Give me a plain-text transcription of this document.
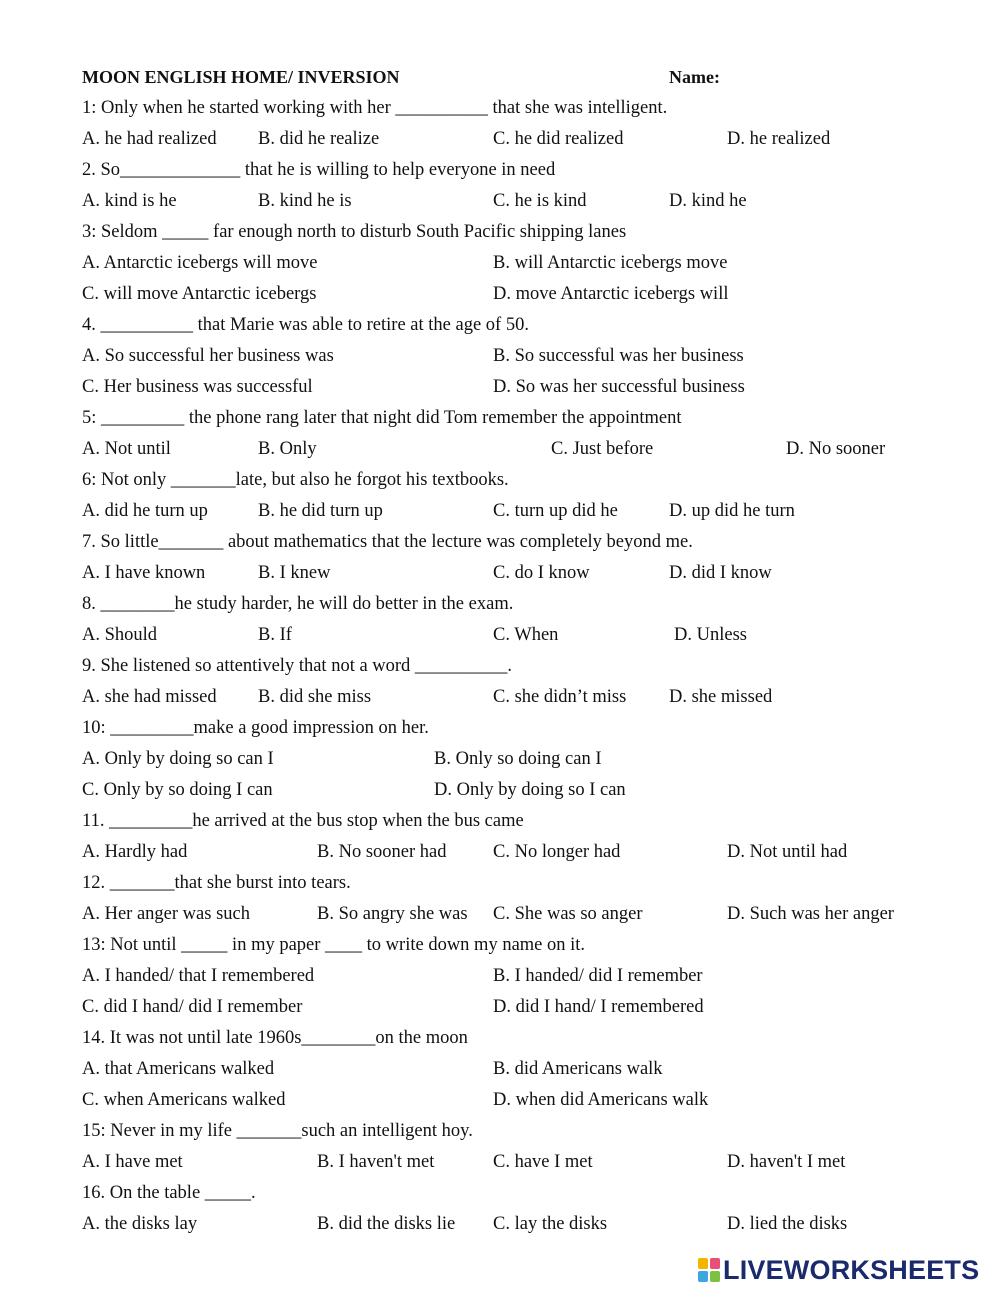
MOON ENGLISH HOME/ INVERSION	Name:
1: Only when he started working with her __________ that she was intelligent.
A. he had realized B. did he realize	C. he did realized	D. he realized
2. So_____________ that he is willing to help everyone in need
A. kind is he	B. kind he is	C. he is kind	D. kind he
3: Seldom _____ far enough north to disturb South Pacific shipping lanes
A. Antarctic icebergs will move	B. will Antarctic icebergs move
C. will move Antarctic icebergs	D. move Antarctic icebergs will
4. __________ that Marie was able to retire at the age of 50.
A. So successful her business was	B. So successful was her business
C. Her business was successful	D. So was her successful business
5: _________ the phone rang later that night did Tom remember the appointment
A. Not until	B. Only	C. Just before	D. No sooner
6: Not only _______late, but also he forgot his textbooks.
A. did he turn up	B. he did turn up	C. turn up did he	D. up did he turn
7. So little_______ about mathematics that the lecture was completely beyond me.
A. I have known	B. I knew	C. do I know	D. did I know
8. ________he study harder, he will do better in the exam.
A. Should	B. If	C. When	D. Unless
9. She listened so attentively that not a word __________.
A. she had missed B. did she miss	C. she didn’t miss D. she missed
10: _________make a good impression on her.
A. Only by doing so can I	B. Only so doing can I
C. Only by so doing I can	D. Only by doing so I can
11. _________he arrived at the bus stop when the bus came
A. Hardly had	B. No sooner had	C. No longer had	D. Not until had
12. _______that she burst into tears.
A. Her anger was such	B. So angry she was C. She was so anger	D. Such was her anger
13: Not until _____ in my paper ____ to write down my name on it.
A. I handed/ that I remembered	B. I handed/ did I remember
C. did I hand/ did I remember	D. did I hand/ I remembered
14. It was not until late 1960s________on the moon
A. that Americans walked	B. did Americans walk
C. when Americans walked	D. when did Americans walk
15: Never in my life _______such an intelligent hoy.
A. I have met	B. I haven't met	C. have I met	D. haven't I met
16. On the table _____.
A. the disks lay	B. did the disks lie C. lay the disks	D. lied the disks
LIVEWORKSHEETS
